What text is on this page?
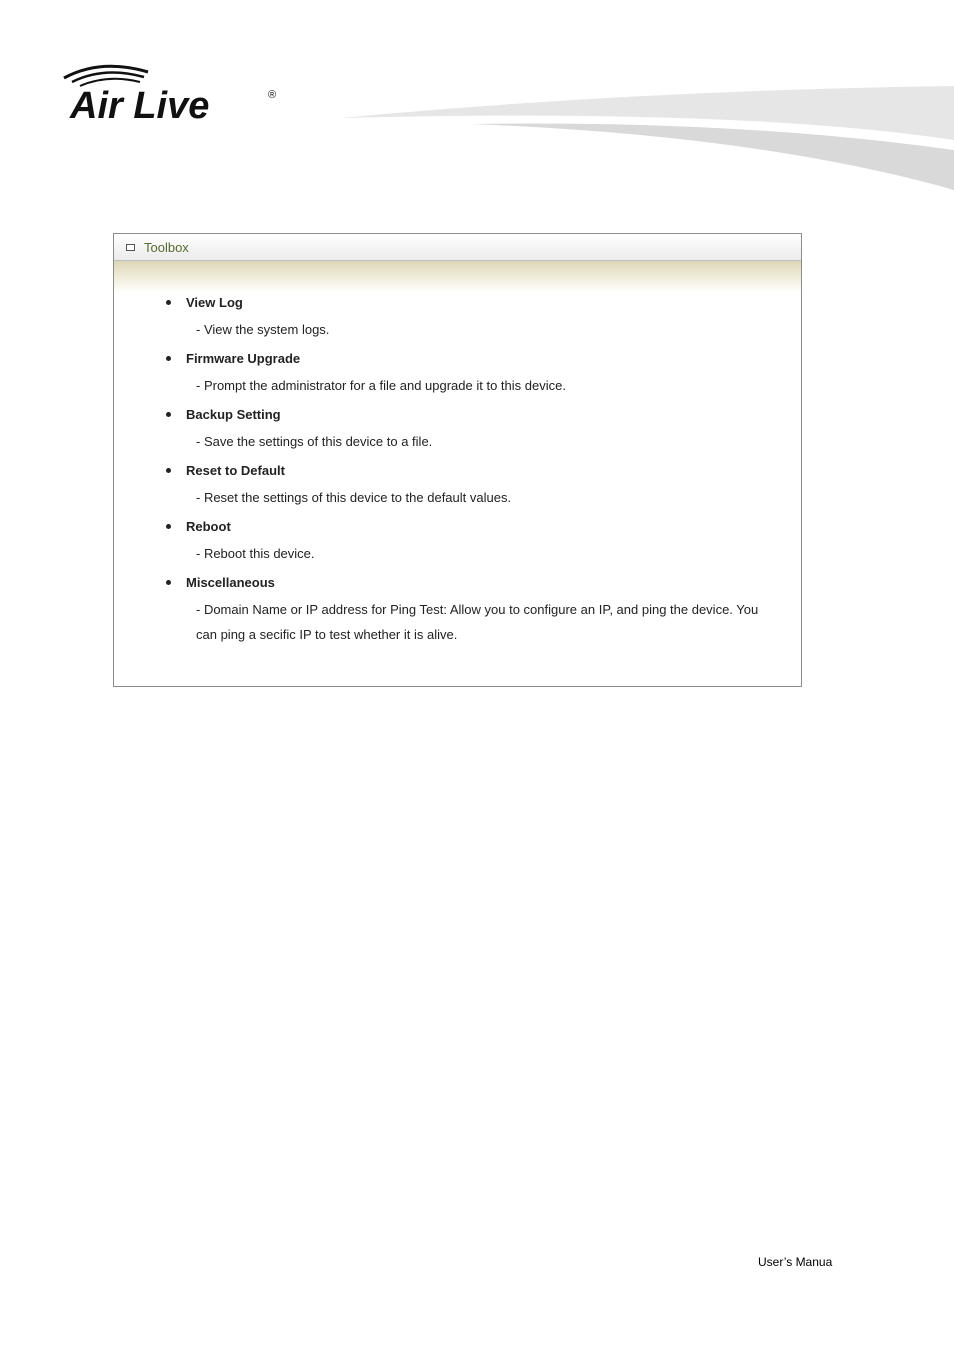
Air Live	®
Toolbox
View Log
- View the system logs.
Firmware Upgrade
- Prompt the administrator for a file and upgrade it to this device.
Backup Setting
- Save the settings of this device to a file.
Reset to Default
- Reset the settings of this device to the default values.
Reboot
- Reboot this device.
Miscellaneous
- Domain Name or IP address for Ping Test: Allow you to configure an IP, and ping the device. You can ping a secific IP to test whether it is alive.
User’s Manua
